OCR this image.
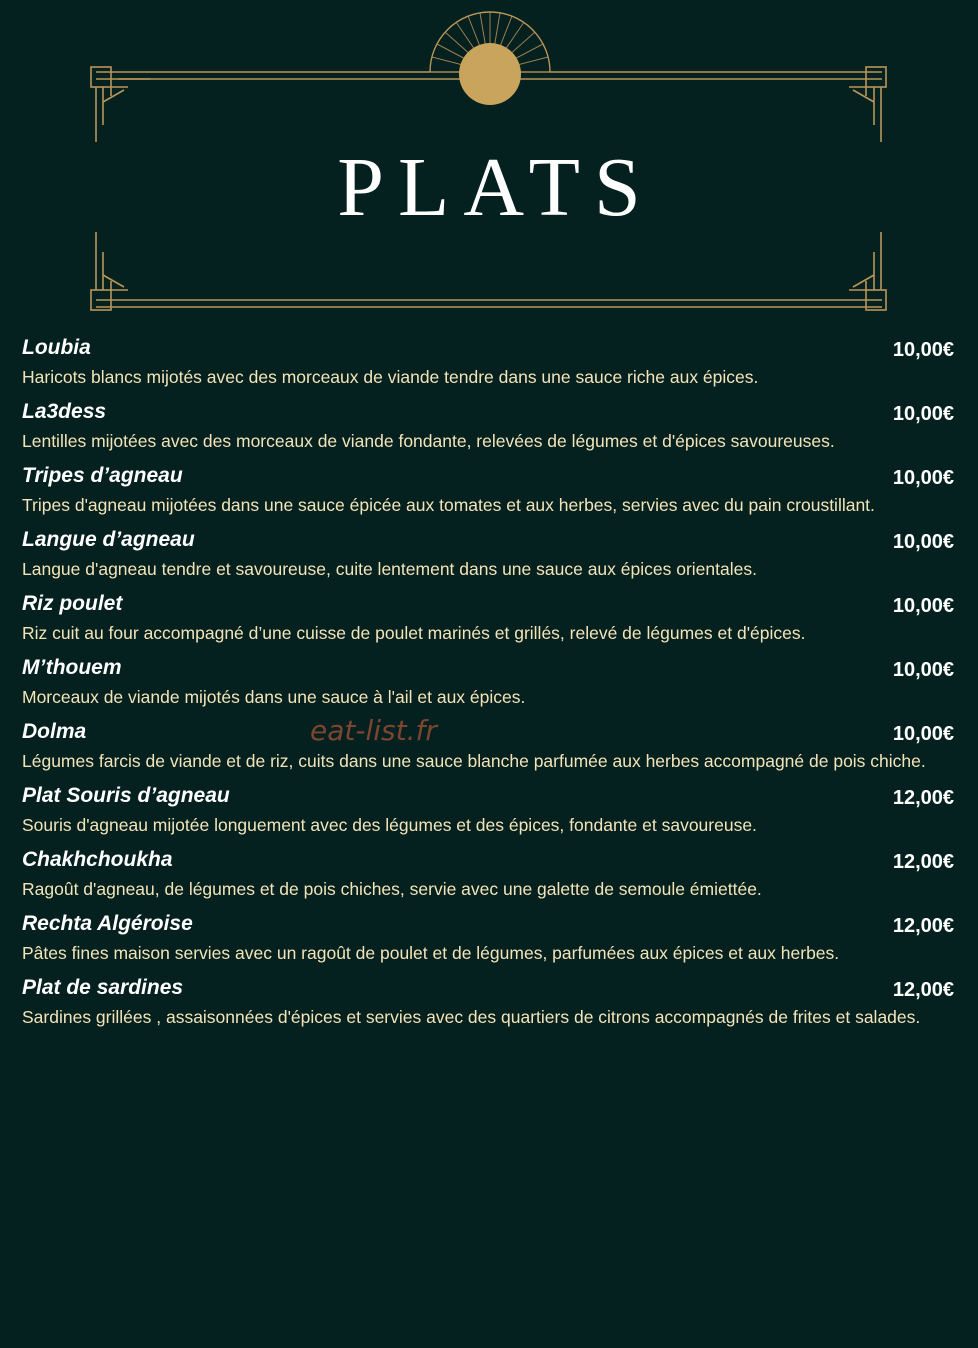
PLATS
Loubia	10,00€
Haricots blancs mijotés avec des morceaux de viande tendre dans une sauce riche aux épices.
La3dess	10,00€
Lentilles mijotées avec des morceaux de viande fondante, relevées de légumes et d'épices savoureuses.
Tripes d’agneau	10,00€
Tripes d'agneau mijotées dans une sauce épicée aux tomates et aux herbes, servies avec du pain croustillant.
Langue d’agneau	10,00€
Langue d'agneau tendre et savoureuse, cuite lentement dans une sauce aux épices orientales.
Riz poulet	10,00€
Riz cuit au four accompagné d’une cuisse de poulet marinés et grillés, relevé de légumes et d'épices.
M’thouem	10,00€
Morceaux de viande mijotés dans une sauce à l'ail et aux épices.
Dolma	10,00€
Légumes farcis de viande et de riz, cuits dans une sauce blanche parfumée aux herbes accompagné de pois chiche.
Plat Souris d’agneau	12,00€
Souris d'agneau mijotée longuement avec des légumes et des épices, fondante et savoureuse.
Chakhchoukha	12,00€
Ragoût d'agneau, de légumes et de pois chiches, servie avec une galette de semoule émiettée.
Rechta Algéroise	12,00€
Pâtes fines maison servies avec un ragoût de poulet et de légumes, parfumées aux épices et aux herbes.
Plat de sardines	12,00€
Sardines grillées , assaisonnées d'épices et servies avec des quartiers de citrons accompagnés de frites et salades.
eat-list.fr
